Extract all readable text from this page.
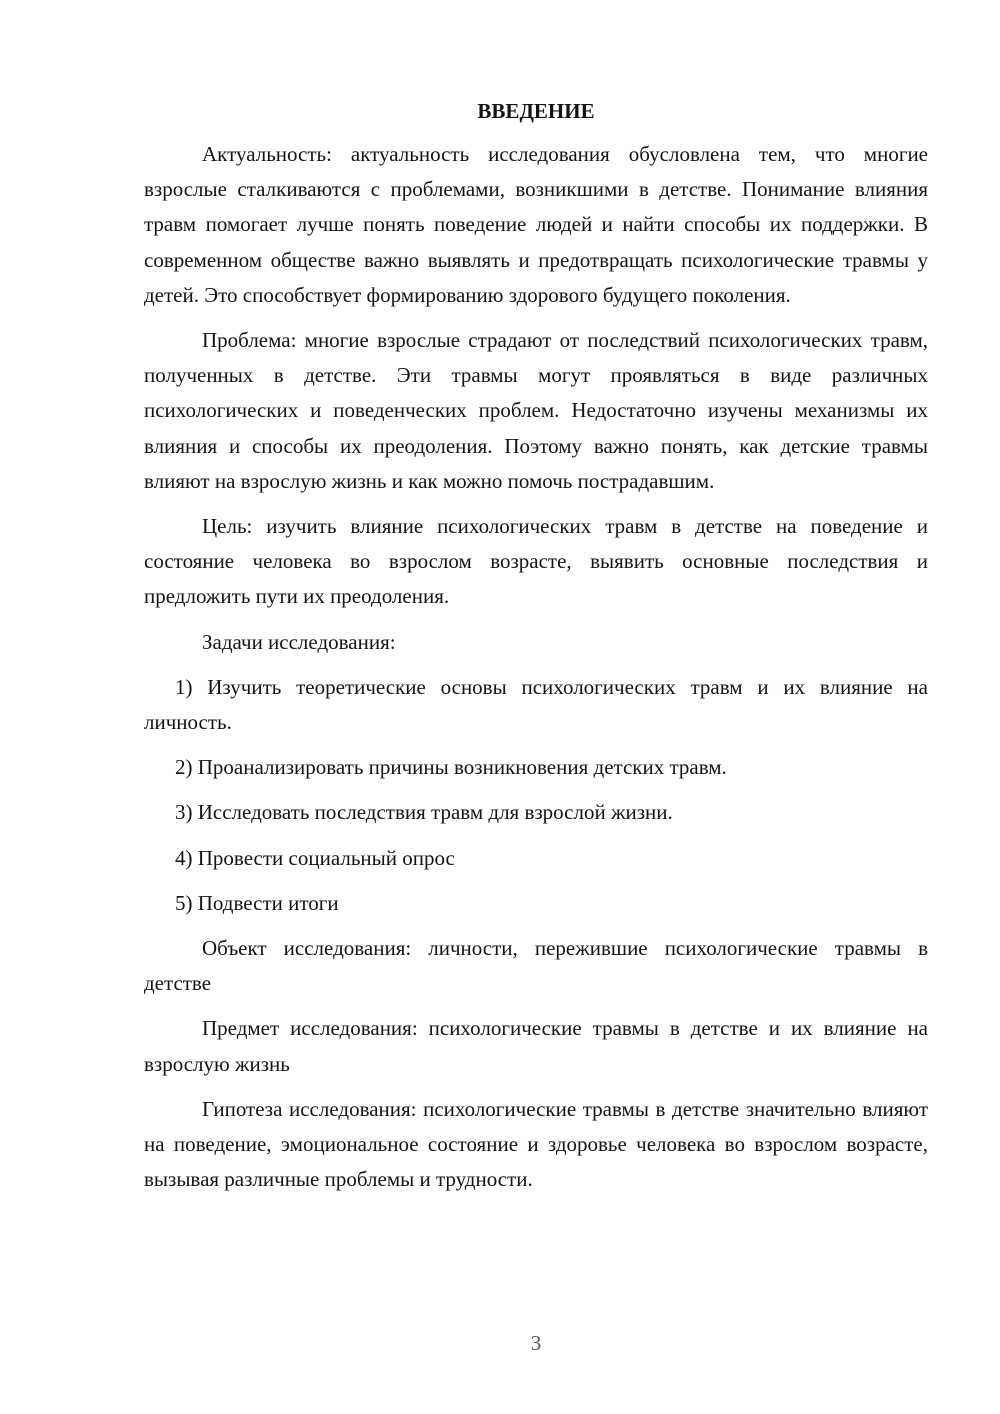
ВВЕДЕНИЕ

Актуальность: актуальность исследования обусловлена тем, что многие взрослые сталкиваются с проблемами, возникшими в детстве. Понимание влияния травм помогает лучше понять поведение людей и найти способы их поддержки. В современном обществе важно выявлять и предотвращать психологические травмы у детей. Это способствует формированию здорового будущего поколения.

Проблема: многие взрослые страдают от последствий психологических травм, полученных в детстве. Эти травмы могут проявляться в виде различных психологических и поведенческих проблем. Недостаточно изучены механизмы их влияния и способы их преодоления. Поэтому важно понять, как детские травмы влияют на взрослую жизнь и как можно помочь пострадавшим.

Цель: изучить влияние психологических травм в детстве на поведение и состояние человека во взрослом возрасте, выявить основные последствия и предложить пути их преодоления.

Задачи исследования:

1) Изучить теоретические основы психологических травм и их влияние на личность.

2) Проанализировать причины возникновения детских травм.

3) Исследовать последствия травм для взрослой жизни.

4) Провести социальный опрос

5) Подвести итоги

Объект исследования: личности, пережившие психологические травмы в детстве

Предмет исследования: психологические травмы в детстве и их влияние на взрослую жизнь

Гипотеза исследования: психологические травмы в детстве значительно влияют на поведение, эмоциональное состояние и здоровье человека во взрослом возрасте, вызывая различные проблемы и трудности.

3
